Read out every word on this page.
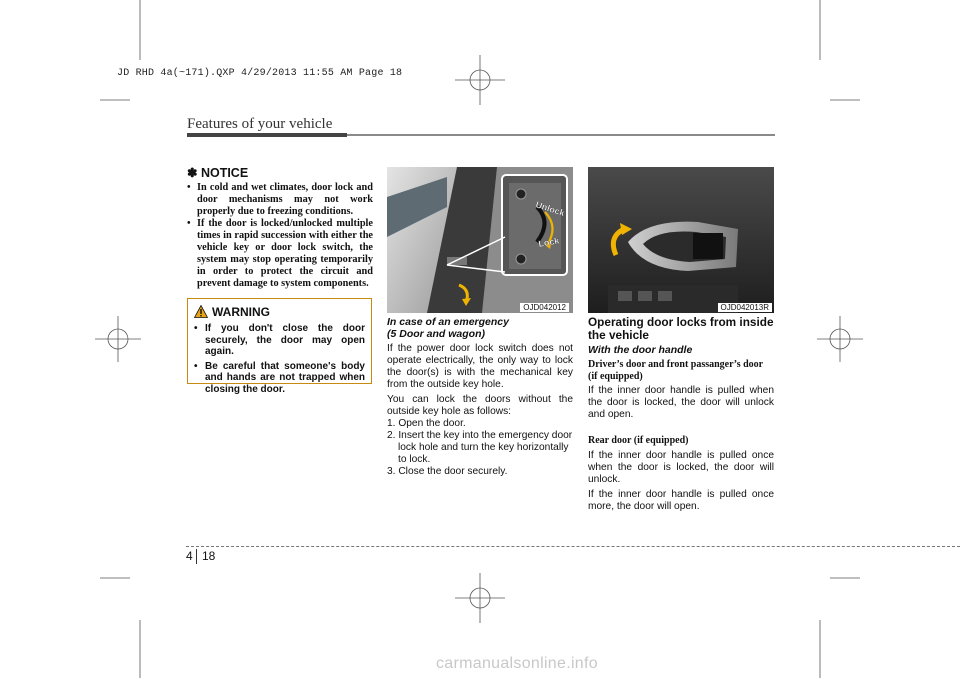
JD RHD 4a(~171).QXP 4/29/2013 11:55 AM Page 18
Features of your vehicle
✽ NOTICE
• In cold and wet climates, door lock and door mechanisms may not work properly due to freezing conditions.
• If the door is locked/unlocked multiple times in rapid succession with either the vehicle key or door lock switch, the system may stop operating temporarily in order to protect the circuit and prevent damage to system components.
WARNING
• If you don't close the door securely, the door may open again.
• Be careful that someone's body and hands are not trapped when closing the door.
Unlock
Lock
OJD042012	OJD042013R
In case of an emergency
(5 Door and wagon)

If the power door lock switch does not operate electrically, the only way to lock the door(s) is with the mechanical key from the outside key hole.

You can lock the doors without the outside key hole as follows:

1. Open the door.

2. Insert the key into the emergency door lock hole and turn the key horizontally to lock.

3. Close the door securely.

Operating door locks from inside the vehicle
With the door handle
Driver’s door and front passanger’s door (if equipped)

If the inner door handle is pulled when the door is locked, the door will unlock and open.

Rear door (if equipped)

If the inner door handle is pulled once when the door is locked, the door will unlock.

If the inner door handle is pulled once more, the door will open.

4 18
carmanualsonline.info
